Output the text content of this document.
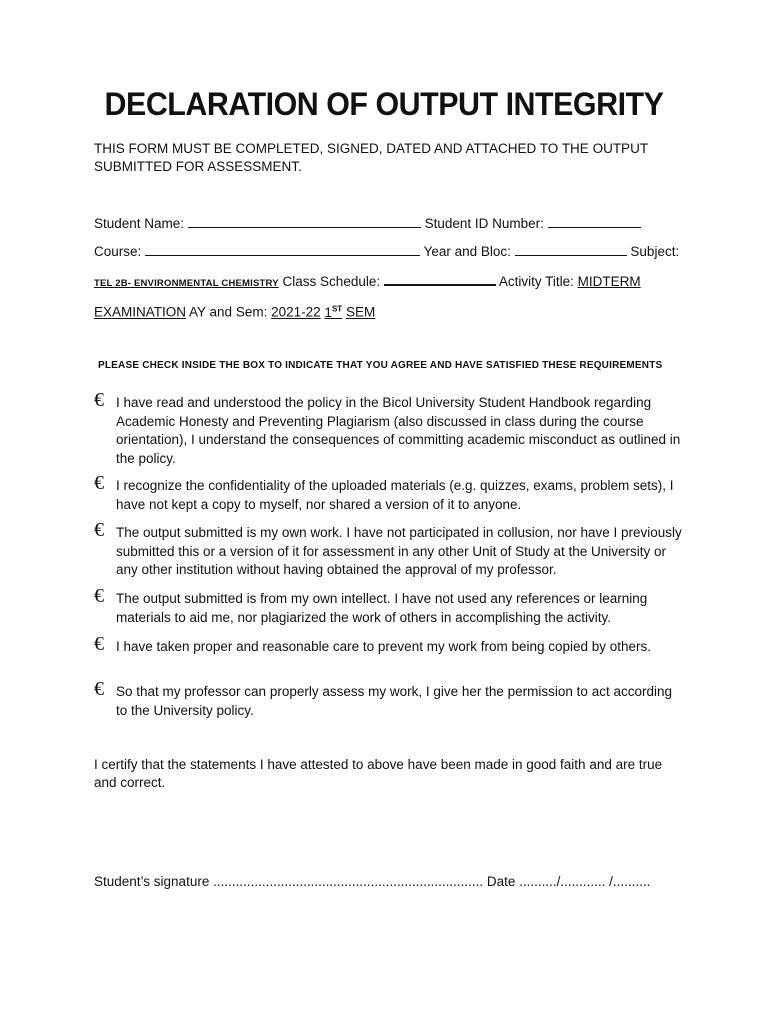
DECLARATION OF OUTPUT INTEGRITY
THIS FORM MUST BE COMPLETED, SIGNED, DATED AND ATTACHED TO THE OUTPUT SUBMITTED FOR ASSESSMENT.
Student Name:	Student ID Number:
Course:	Year and Bloc:	Subject:
TEL 2B- ENVIRONMENTAL CHEMISTRY Class Schedule:	Activity Title: MIDTERM
EXAMINATION AY and Sem: 2021-22 1ST SEM
PLEASE CHECK INSIDE THE BOX TO INDICATE THAT YOU AGREE AND HAVE SATISFIED THESE REQUIREMENTS
€ I have read and understood the policy in the Bicol University Student Handbook regarding Academic Honesty and Preventing Plagiarism (also discussed in class during the course orientation), I understand the consequences of committing academic misconduct as outlined in the policy.
€ I recognize the confidentiality of the uploaded materials (e.g. quizzes, exams, problem sets), I have not kept a copy to myself, nor shared a version of it to anyone.
€ The output submitted is my own work. I have not participated in collusion, nor have I previously submitted this or a version of it for assessment in any other Unit of Study at the University or any other institution without having obtained the approval of my professor.
€ The output submitted is from my own intellect. I have not used any references or learning materials to aid me, nor plagiarized the work of others in accomplishing the activity.
€ I have taken proper and reasonable care to prevent my work from being copied by others.
€ So that my professor can properly assess my work, I give her the permission to act according to the University policy.
I certify that the statements I have attested to above have been made in good faith and are true and correct.
Student’s signature ........................................................................ Date ........../............ /..........
